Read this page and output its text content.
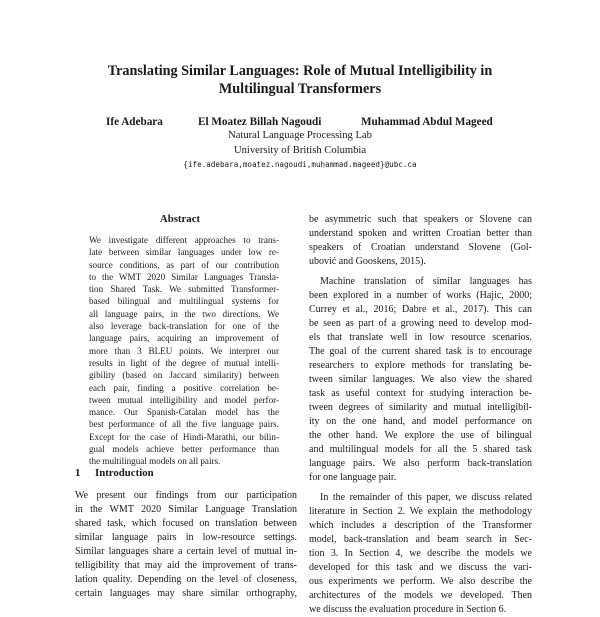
Translating Similar Languages: Role of Mutual Intelligibility in
Multilingual Transformers
Ife Adebara	El Moatez Billah Nagoudi	Muhammad Abdul Mageed
Natural Language Processing Lab
University of British Columbia
{ife.adebara,moatez.nagoudi,muhammad.mageed}@ubc.ca
Abstract
We investigate different approaches to trans-
late between similar languages under low re-
source conditions, as part of our contribution
to the WMT 2020 Similar Languages Transla-
tion Shared Task. We submitted Transformer-
based bilingual and multilingual systems for
all language pairs, in the two directions. We
also leverage back-translation for one of the
language pairs, acquiring an improvement of
more than 3 BLEU points. We interpret our
results in light of the degree of mutual intelli-
gibility (based on Jaccard similarity) between
each pair, finding a positive correlation be-
tween mutual intelligibility and model perfor-
mance. Our Spanish-Catalan model has the
best performance of all the five language pairs.
Except for the case of Hindi-Marathi, our bilin-
gual models achieve better performance than
the multilingual models on all pairs.
1 Introduction
We present our findings from our participation
in the WMT 2020 Similar Language Translation
shared task, which focused on translation between
similar language pairs in low-resource settings.
Similar languages share a certain level of mutual in-
telligibility that may aid the improvement of trans-
lation quality. Depending on the level of closeness,
certain languages may share similar orthography,
be asymmetric such that speakers or Slovene can
understand spoken and written Croatian better than
speakers of Croatian understand Slovene (Gol-
ubović and Gooskens, 2015).
Machine translation of similar languages has
been explored in a number of works (Hajic, 2000;
Currey et al., 2016; Dabre et al., 2017). This can
be seen as part of a growing need to develop mod-
els that translate well in low resource scenarios.
The goal of the current shared task is to encourage
researchers to explore methods for translating be-
tween similar languages. We also view the shared
task as useful context for studying interaction be-
tween degrees of similarity and mutual intelligibil-
ity on the one hand, and model performance on
the other hand. We explore the use of bilingual
and multilingual models for all the 5 shared task
language pairs. We also perform back-translation
for one language pair.
In the remainder of this paper, we discuss related
literature in Section 2. We explain the methodology
which includes a description of the Transformer
model, back-translation and beam search in Sec-
tion 3. In Section 4, we describe the models we
developed for this task and we discuss the vari-
ous experiments we perform. We also describe the
architectures of the models we developed. Then
we discuss the evaluation procedure in Section 6.
